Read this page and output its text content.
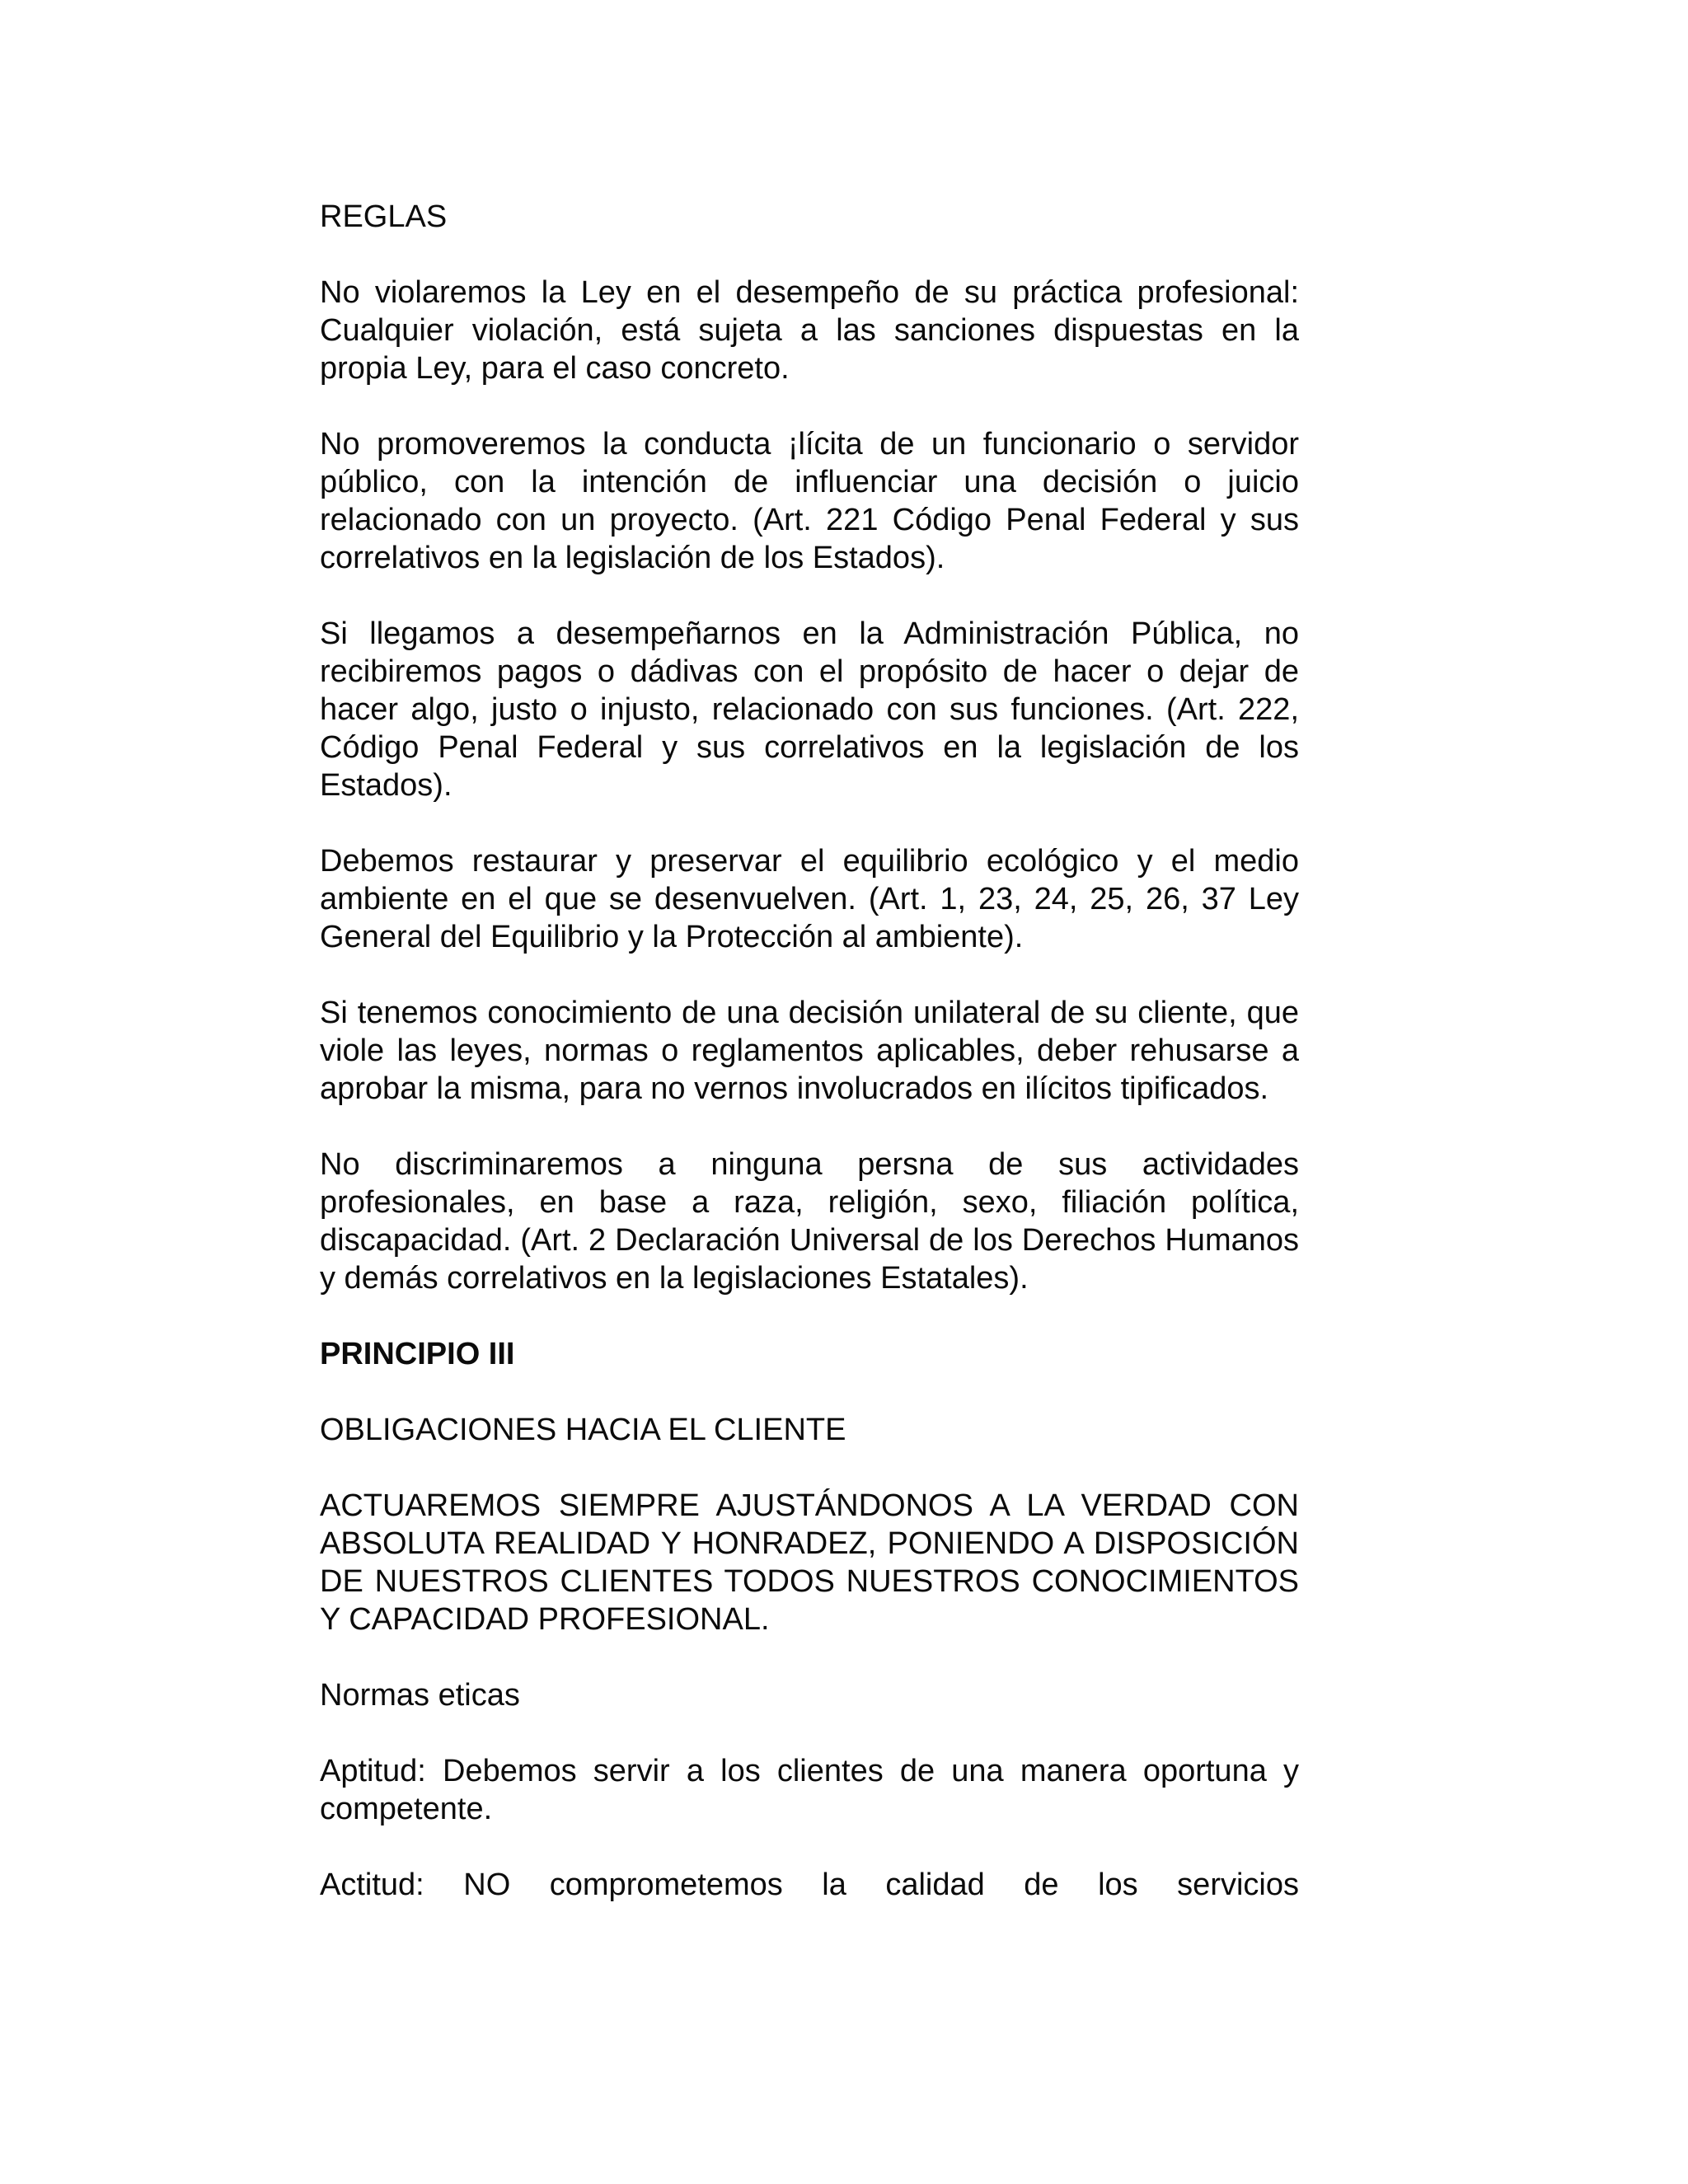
REGLAS

No violaremos la Ley en el desempeño de su práctica profesional: Cualquier violación, está sujeta a las sanciones dispuestas en la propia Ley, para el caso concreto.

No promoveremos la conducta ¡lícita de un funcionario o servidor público, con la intención de influenciar una decisión o juicio relacionado con un proyecto. (Art. 221 Código Penal Federal y sus correlativos en la legislación de los Estados).

Si llegamos a desempeñarnos en la Administración Pública, no recibiremos pagos o dádivas con el propósito de hacer o dejar de hacer algo, justo o injusto, relacionado con sus funciones. (Art. 222, Código Penal Federal y sus correlativos en la legislación de los Estados).

Debemos restaurar y preservar el equilibrio ecológico y el medio ambiente en el que se desenvuelven. (Art. 1, 23, 24, 25, 26, 37 Ley General del Equilibrio y la Protección al ambiente).

Si tenemos conocimiento de una decisión unilateral de su cliente, que viole las leyes, normas o reglamentos aplicables, deber rehusarse a aprobar la misma, para no vernos involucrados en ilícitos tipificados.

No discriminaremos a ninguna persna de sus actividades profesionales, en base a raza, religión, sexo, filiación política, discapacidad. (Art. 2 Declaración Universal de los Derechos Humanos y demás correlativos en la legislaciones Estatales).

PRINCIPIO III

OBLIGACIONES HACIA EL CLIENTE

ACTUAREMOS SIEMPRE AJUSTÁNDONOS A LA VERDAD CON ABSOLUTA REALIDAD Y HONRADEZ, PONIENDO A DISPOSICIÓN DE NUESTROS CLIENTES TODOS NUESTROS CONOCIMIENTOS Y CAPACIDAD PROFESIONAL.

Normas eticas

Aptitud: Debemos servir a los clientes de una manera oportuna y competente.

Actitud: NO comprometemos la calidad de los servicios
